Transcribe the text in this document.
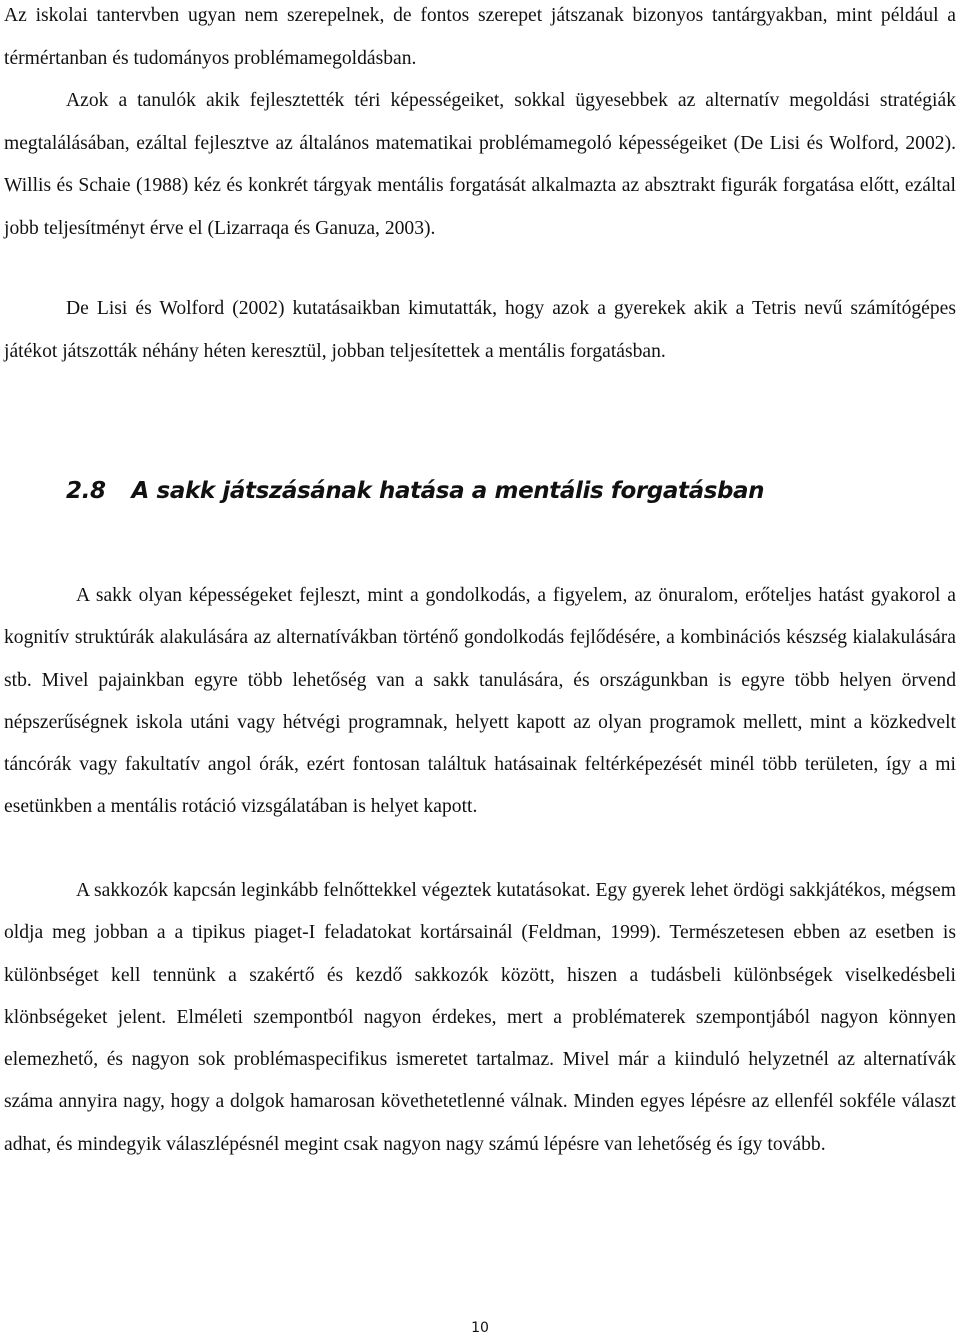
Az iskolai tantervben ugyan nem szerepelnek, de fontos szerepet játszanak bizonyos tantárgyakban, mint például a térmértanban és tudományos problémamegoldásban.
Azok a tanulók akik fejlesztették téri képességeiket, sokkal ügyesebbek az alternatív megoldási stratégiák megtalálásában, ezáltal fejlesztve az általános matematikai problémamegoló képességeiket (De Lisi és Wolford, 2002). Willis és Schaie (1988) kéz és konkrét tárgyak mentális forgatását alkalmazta az absztrakt figurák forgatása előtt, ezáltal jobb teljesítményt érve el (Lizarraqa és Ganuza, 2003).

De Lisi és Wolford (2002) kutatásaikban kimutatták, hogy azok a gyerekek akik a Tetris nevű számítógépes játékot játszották néhány héten keresztül, jobban teljesítettek a mentális forgatásban.

2.8 A sakk játszásának hatása a mentális forgatásban

A sakk olyan képességeket fejleszt, mint a gondolkodás, a figyelem, az önuralom, erőteljes hatást gyakorol a kognitív struktúrák alakulására az alternatívákban történő gondolkodás fejlődésére, a kombinációs készség kialakulására stb. Mivel pajainkban egyre több lehetőség van a sakk tanulására, és országunkban is egyre több helyen örvend népszerűségnek iskola utáni vagy hétvégi programnak, helyett kapott az olyan programok mellett, mint a közkedvelt táncórák vagy fakultatív angol órák, ezért fontosan találtuk hatásainak feltérképezését minél több területen, így a mi esetünkben a mentális rotáció vizsgálatában is helyet kapott.

A sakkozók kapcsán leginkább felnőttekkel végeztek kutatásokat. Egy gyerek lehet ördögi sakkjátékos, mégsem oldja meg jobban a a tipikus piaget-I feladatokat kortársainál (Feldman, 1999). Természetesen ebben az esetben is különbséget kell tennünk a szakértő és kezdő sakkozók között, hiszen a tudásbeli különbségek viselkedésbeli klönbségeket jelent. Elméleti szempontból nagyon érdekes, mert a problématerek szempontjából nagyon könnyen elemezhető, és nagyon sok problémaspecifikus ismeretet tartalmaz. Mivel már a kiinduló helyzetnél az alternatívák száma annyira nagy, hogy a dolgok hamarosan követhetetlenné válnak. Minden egyes lépésre az ellenfél sokféle választ adhat, és mindegyik válaszlépésnél megint csak nagyon nagy számú lépésre van lehetőség és így tovább.

10
